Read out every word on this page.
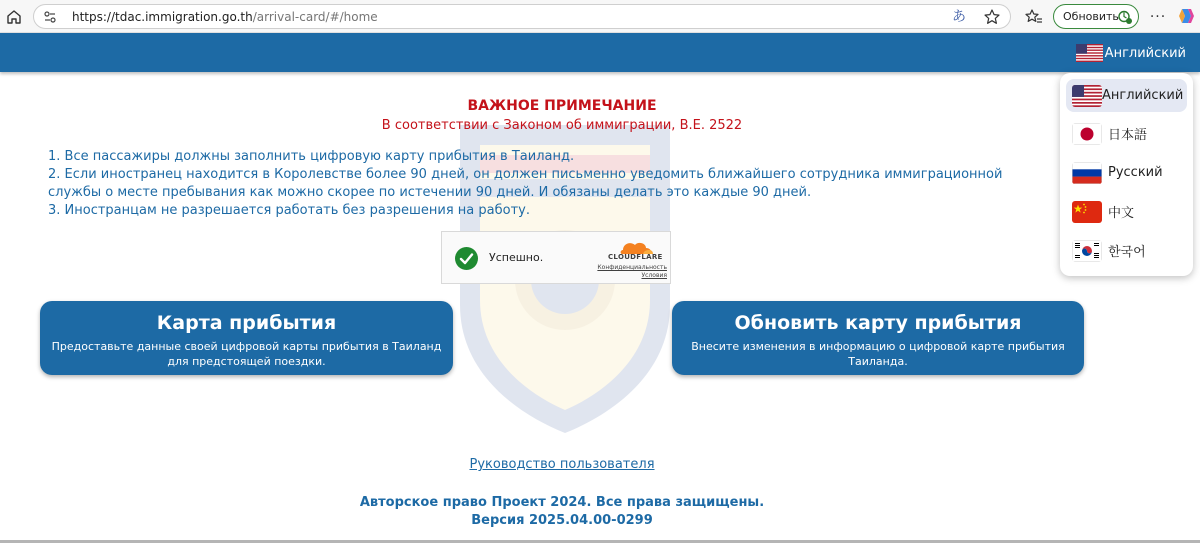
https://tdac.immigration.go.th/arrival-card/#/home	あ	Обновить	···
Английский
ВАЖНОЕ ПРИМЕЧАНИЕ
В соответствии с Законом об иммиграции, B.E. 2522

1. Все пассажиры должны заполнить цифровую карту прибытия в Таиланд.

2. Если иностранец находится в Королевстве более 90 дней, он должен письменно уведомить ближайшего сотрудника иммиграционной службы о месте пребывания как можно скорее по истечении 90 дней. И обязаны делать это каждые 90 дней.

3. Иностранцам не разрешается работать без разрешения на работу.

Успешно.	CLOUDFLARE
Конфиденциальность
Условия
Карта прибытия
Предоставьте данные своей цифровой карты прибытия в Таиланд для предстоящей поездки.
Обновить карту прибытия
Внесите изменения в информацию о цифровой карте прибытия Таиланда.
Руководство пользователя
Авторское право Проект 2024. Все права защищены.
Версия 2025.04.00-0299
Английский
日本語
Русский
中文
한국어
